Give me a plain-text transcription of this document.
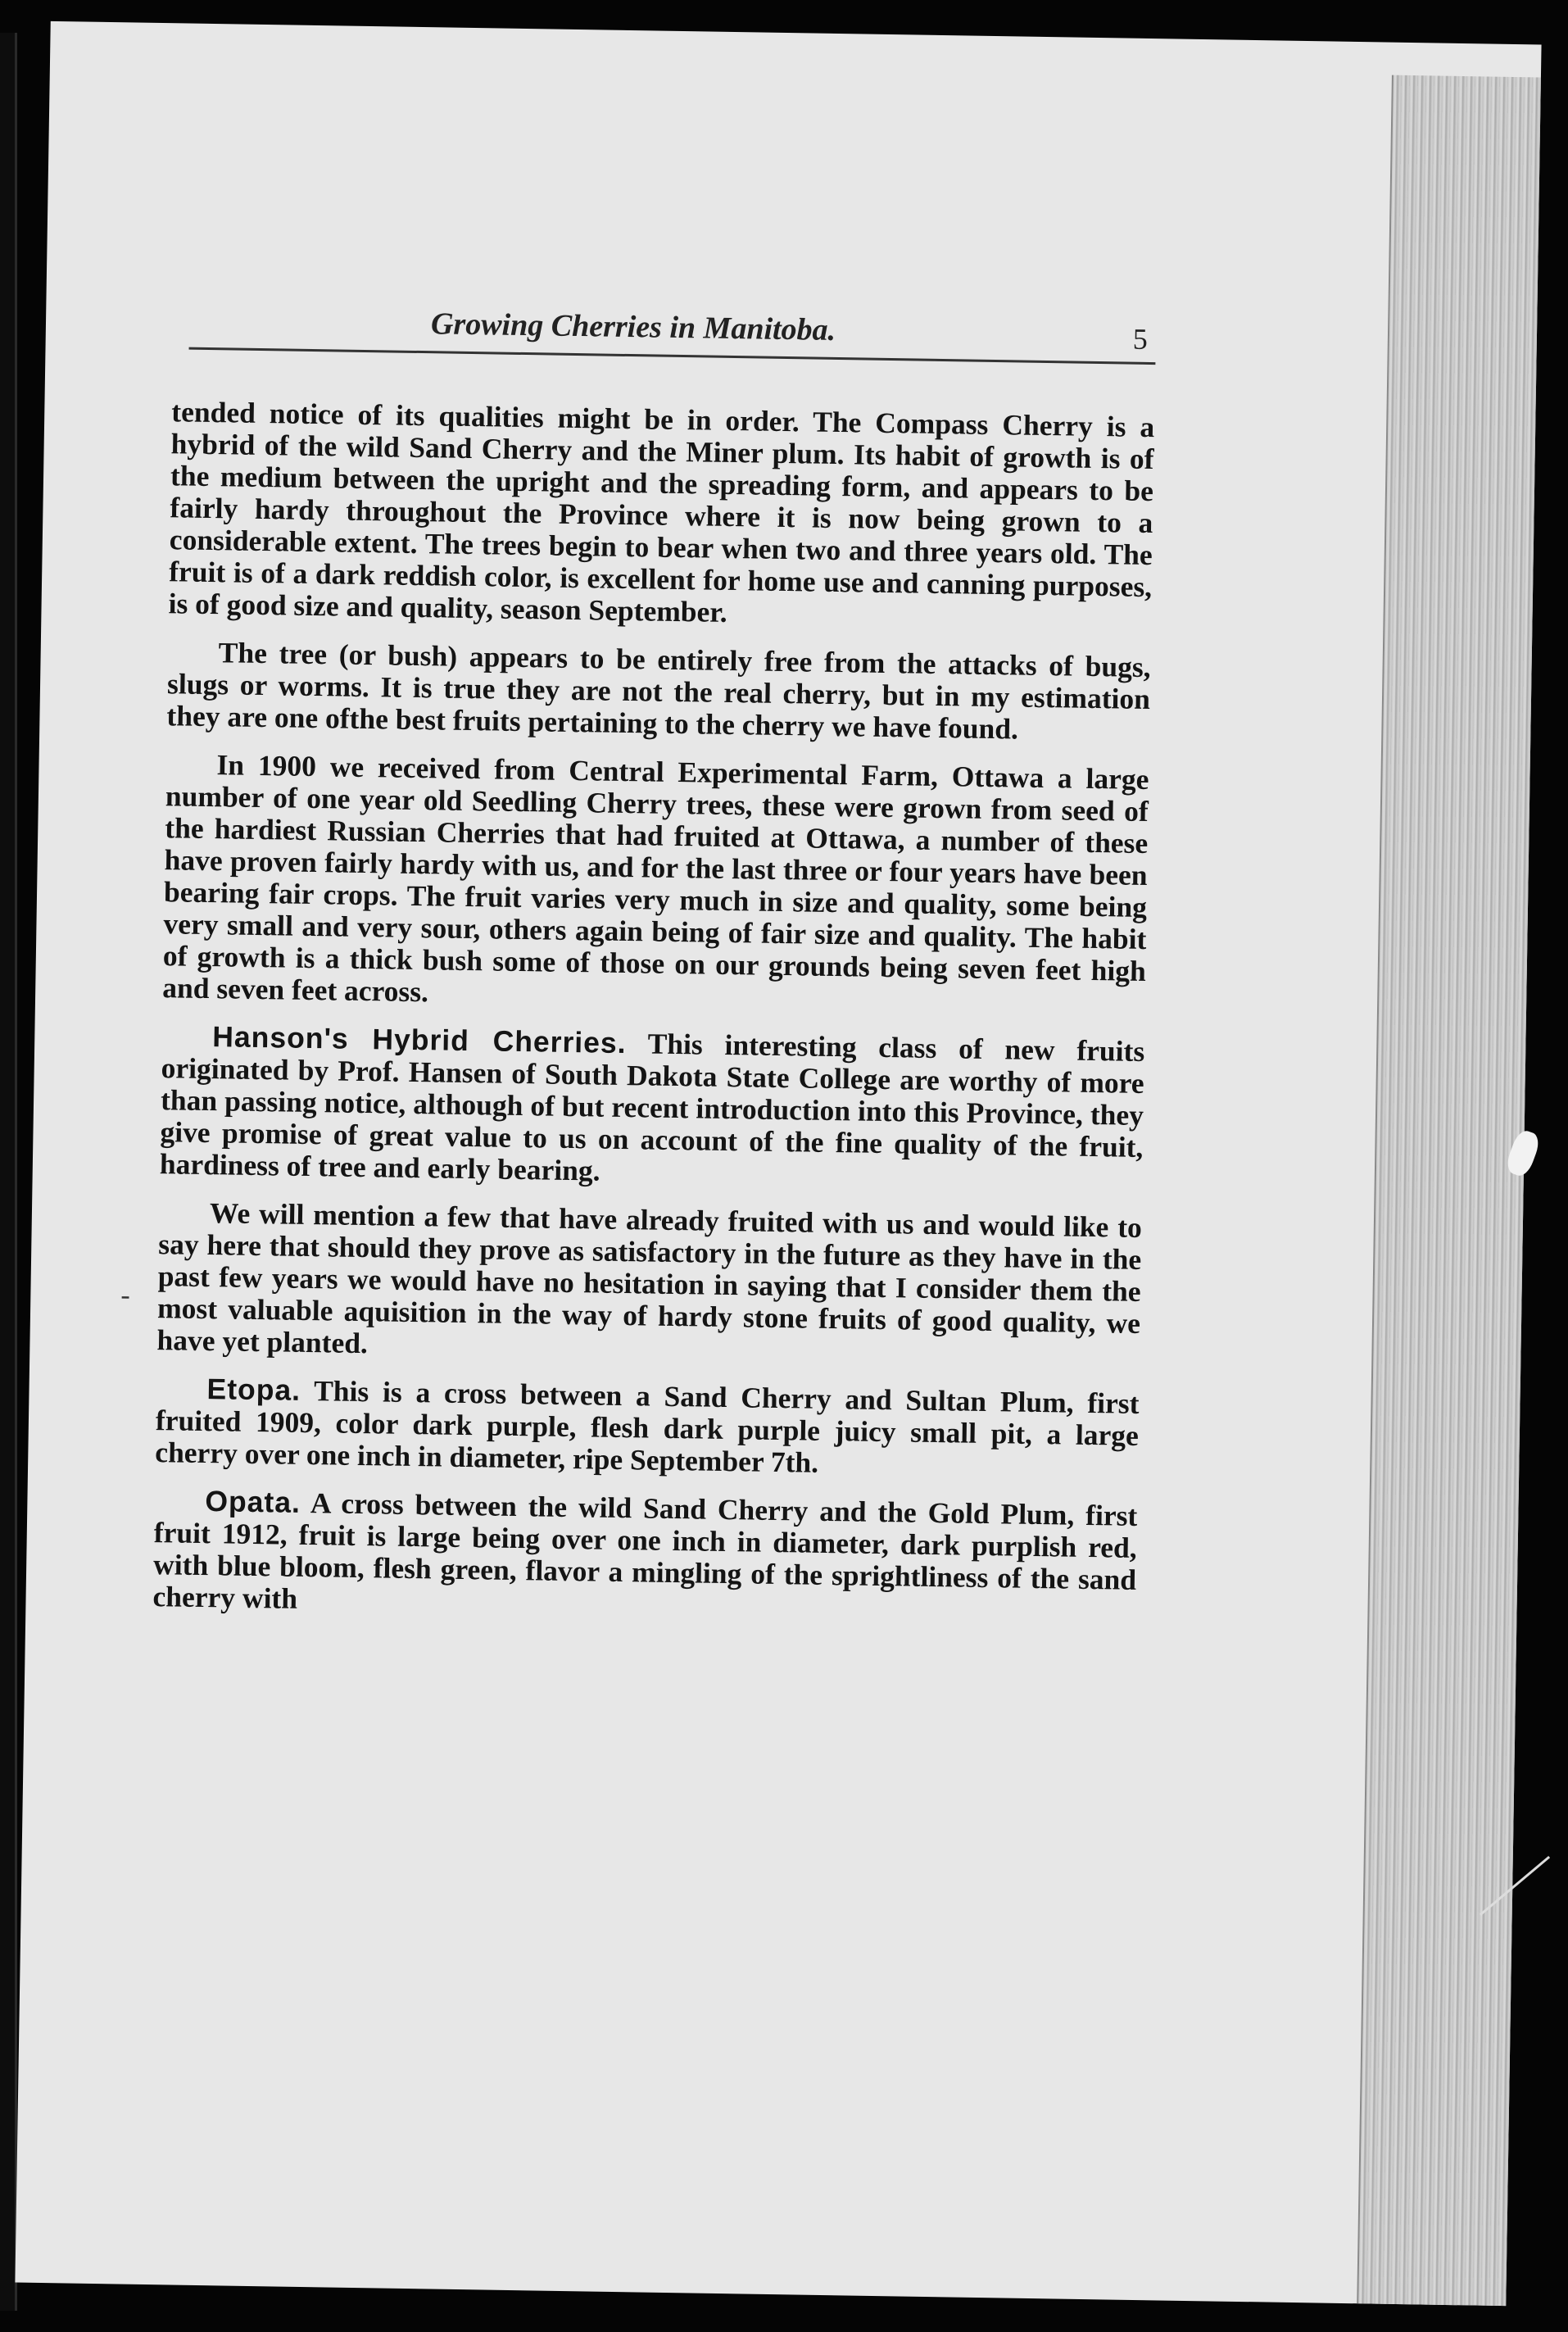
Growing Cherries in Manitoba.	5
-

tended notice of its qualities might be in order. The Compass Cherry is a hybrid of the wild Sand Cherry and the Miner plum. Its habit of growth is of the medium between the upright and the spreading form, and appears to be fairly hardy throughout the Province where it is now being grown to a considerable extent. The trees begin to bear when two and three years old. The fruit is of a dark reddish color, is excellent for home use and canning purposes, is of good size and quality, season September.

The tree (or bush) appears to be entirely free from the attacks of bugs, slugs or worms. It is true they are not the real cherry, but in my estimation they are one ofthe best fruits pertaining to the cherry we have found.

In 1900 we received from Central Experimental Farm, Ottawa a large number of one year old Seedling Cherry trees, these were grown from seed of the hardiest Russian Cherries that had fruited at Ottawa, a number of these have proven fairly hardy with us, and for the last three or four years have been bearing fair crops. The fruit varies very much in size and quality, some being very small and very sour, others again being of fair size and quality. The habit of growth is a thick bush some of those on our grounds being seven feet high and seven feet across.

Hanson's Hybrid Cherries. This interesting class of new fruits originated by Prof. Hansen of South Dakota State College are worthy of more than passing notice, although of but recent introduction into this Province, they give promise of great value to us on account of the fine quality of the fruit, hardiness of tree and early bearing.

We will mention a few that have already fruited with us and would like to say here that should they prove as satisfactory in the future as they have in the past few years we would have no hesitation in saying that I consider them the most valuable aquisition in the way of hardy stone fruits of good quality, we have yet planted.

Etopa. This is a cross between a Sand Cherry and Sultan Plum, first fruited 1909, color dark purple, flesh dark purple juicy small pit, a large cherry over one inch in diameter, ripe September 7th.

Opata. A cross between the wild Sand Cherry and the Gold Plum, first fruit 1912, fruit is large being over one inch in diameter, dark purplish red, with blue bloom, flesh green, flavor a mingling of the sprightliness of the sand cherry with
